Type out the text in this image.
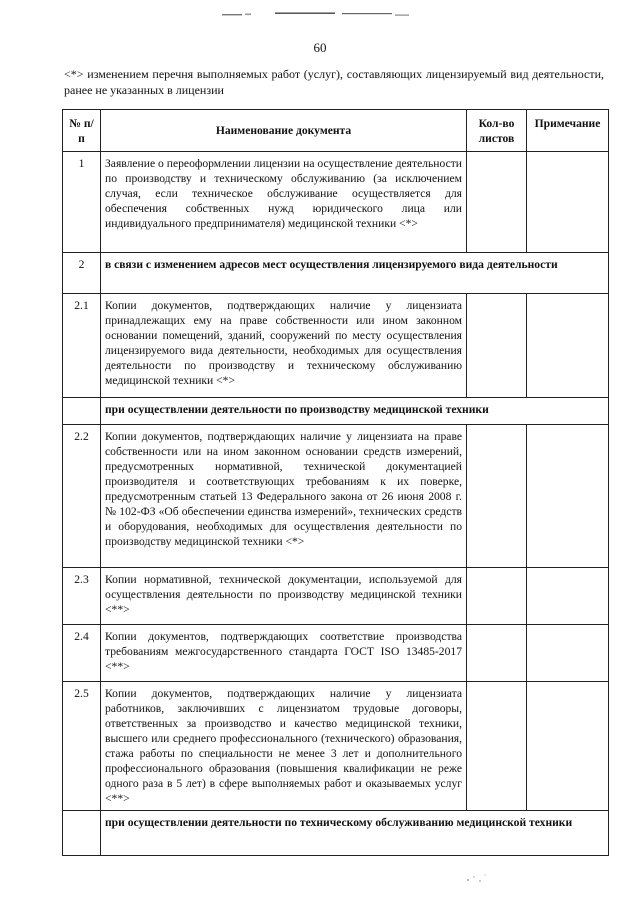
60
<*> изменением перечня выполняемых работ (услуг), составляющих лицензируемый вид деятельности, ранее не указанных в лицензии
№ п/п	Наименование документа	Кол-во листов	Примечание
1	Заявление о переоформлении лицензии на осуществление деятельности по производству и техническому обслуживанию (за исключением случая, если техническое обслуживание осуществляется для обеспечения собственных нужд юридического лица или индивидуального предпринимателя) медицинской техники <*>		
2	в связи с изменением адресов мест осуществления лицензируемого вида деятельности		
2.1	Копии документов, подтверждающих наличие у лицензиата принадлежащих ему на праве собственности или ином законном основании помещений, зданий, сооружений по месту осуществления лицензируемого вида деятельности, необходимых для осуществления деятельности по производству и техническому обслуживанию медицинской техники <*>		
	при осуществлении деятельности по производству медицинской техники		
2.2	Копии документов, подтверждающих наличие у лицензиата на праве собственности или на ином законном основании средств измерений, предусмотренных нормативной, технической документацией производителя и соответствующих требованиям к их поверке, предусмотренным статьей 13 Федерального закона от 26 июня 2008 г. № 102-ФЗ «Об обеспечении единства измерений», технических средств и оборудования, необходимых для осуществления деятельности по производству медицинской техники <*>		
2.3	Копии нормативной, технической документации, используемой для осуществления деятельности по производству медицинской техники <**>		
2.4	Копии документов, подтверждающих соответствие производства требованиям межгосударственного стандарта ГОСТ ISO 13485-2017 <**>		
2.5	Копии документов, подтверждающих наличие у лицензиата работников, заключивших с лицензиатом трудовые договоры, ответственных за производство и качество медицинской техники, высшего или среднего профессионального (технического) образования, стажа работы по специальности не менее 3 лет и дополнительного профессионального образования (повышения квалификации не реже одного раза в 5 лет) в сфере выполняемых работ и оказываемых услуг <**>		
	при осуществлении деятельности по техническому обслуживанию медицинской техники		
